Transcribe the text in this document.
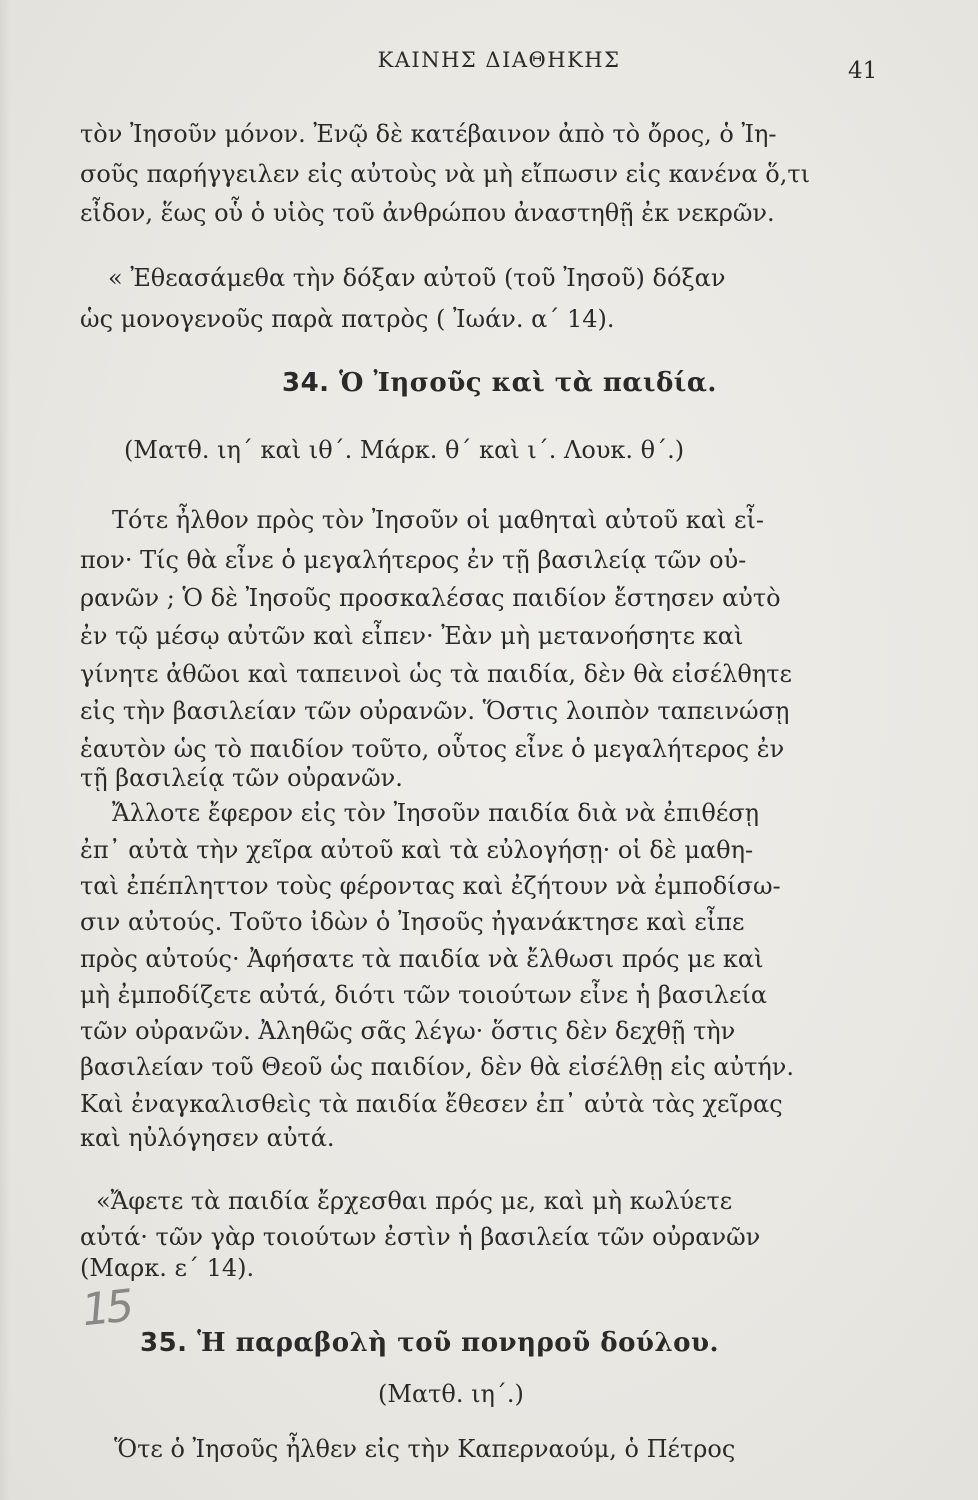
ΚΑΙΝΗΣ ΔΙΑΘΗΚΗΣ	41
τὸν Ἰησοῦν μόνον. Ἐνῷ δὲ κατέβαινον ἀπὸ τὸ ὄρος, ὁ Ἰη-
σοῦς παρήγγειλεν εἰς αὐτοὺς νὰ μὴ εἴπωσιν εἰς κανένα ὅ,τι
εἶδον, ἕως οὗ ὁ υἱὸς τοῦ ἀνθρώπου ἀναστηθῇ ἐκ νεκρῶν.
« Ἐθεασάμεθα τὴν δόξαν αὐτοῦ (τοῦ Ἰησοῦ) δόξαν
ὡς μονογενοῦς παρὰ πατρὸς ( Ἰωάν. α΄ 14).
34. Ὁ Ἰησοῦς καὶ τὰ παιδία.
(Ματθ. ιη΄ καὶ ιθ΄. Μάρκ. θ΄ καὶ ι΄. Λουκ. θ΄.)
Τότε ἦλθον πρὸς τὸν Ἰησοῦν οἱ μαθηταὶ αὐτοῦ καὶ εἶ-
πον· Τίς θὰ εἶνε ὁ μεγαλήτερος ἐν τῇ βασιλείᾳ τῶν οὐ-
ρανῶν ; Ὁ δὲ Ἰησοῦς προσκαλέσας παιδίον ἔστησεν αὐτὸ
ἐν τῷ μέσῳ αὐτῶν καὶ εἶπεν· Ἐὰν μὴ μετανοήσητε καὶ
γίνητε ἀθῶοι καὶ ταπεινοὶ ὡς τὰ παιδία, δὲν θὰ εἰσέλθητε
εἰς τὴν βασιλείαν τῶν οὐρανῶν. Ὅστις λοιπὸν ταπεινώσῃ
ἑαυτὸν ὡς τὸ παιδίον τοῦτο, οὗτος εἶνε ὁ μεγαλήτερος ἐν
τῇ βασιλείᾳ τῶν οὐρανῶν.
Ἄλλοτε ἔφερον εἰς τὸν Ἰησοῦν παιδία διὰ νὰ ἐπιθέσῃ
ἐπ᾽ αὐτὰ τὴν χεῖρα αὐτοῦ καὶ τὰ εὐλογήσῃ· οἱ δὲ μαθη-
ταὶ ἐπέπληττον τοὺς φέροντας καὶ ἐζήτουν νὰ ἐμποδίσω-
σιν αὐτούς. Τοῦτο ἰδὼν ὁ Ἰησοῦς ἠγανάκτησε καὶ εἶπε
πρὸς αὐτούς· Ἀφήσατε τὰ παιδία νὰ ἔλθωσι πρός με καὶ
μὴ ἐμποδίζετε αὐτά, διότι τῶν τοιούτων εἶνε ἡ βασιλεία
τῶν οὐρανῶν. Ἀληθῶς σᾶς λέγω· ὅστις δὲν δεχθῇ τὴν
βασιλείαν τοῦ Θεοῦ ὡς παιδίον, δὲν θὰ εἰσέλθῃ εἰς αὐτήν.
Καὶ ἐναγκαλισθεὶς τὰ παιδία ἔθεσεν ἐπ᾽ αὐτὰ τὰς χεῖρας
καὶ ηὐλόγησεν αὐτά.
«Ἄφετε τὰ παιδία ἔρχεσθαι πρός με, καὶ μὴ κωλύετε
αὐτά· τῶν γὰρ τοιούτων ἐστὶν ἡ βασιλεία τῶν οὐρανῶν
(Μαρκ. ε΄ 14).
15
35. Ἡ παραβολὴ τοῦ πονηροῦ δούλου.
(Ματθ. ιη΄.)
Ὅτε ὁ Ἰησοῦς ἦλθεν εἰς τὴν Καπερναούμ, ὁ Πέτρος
